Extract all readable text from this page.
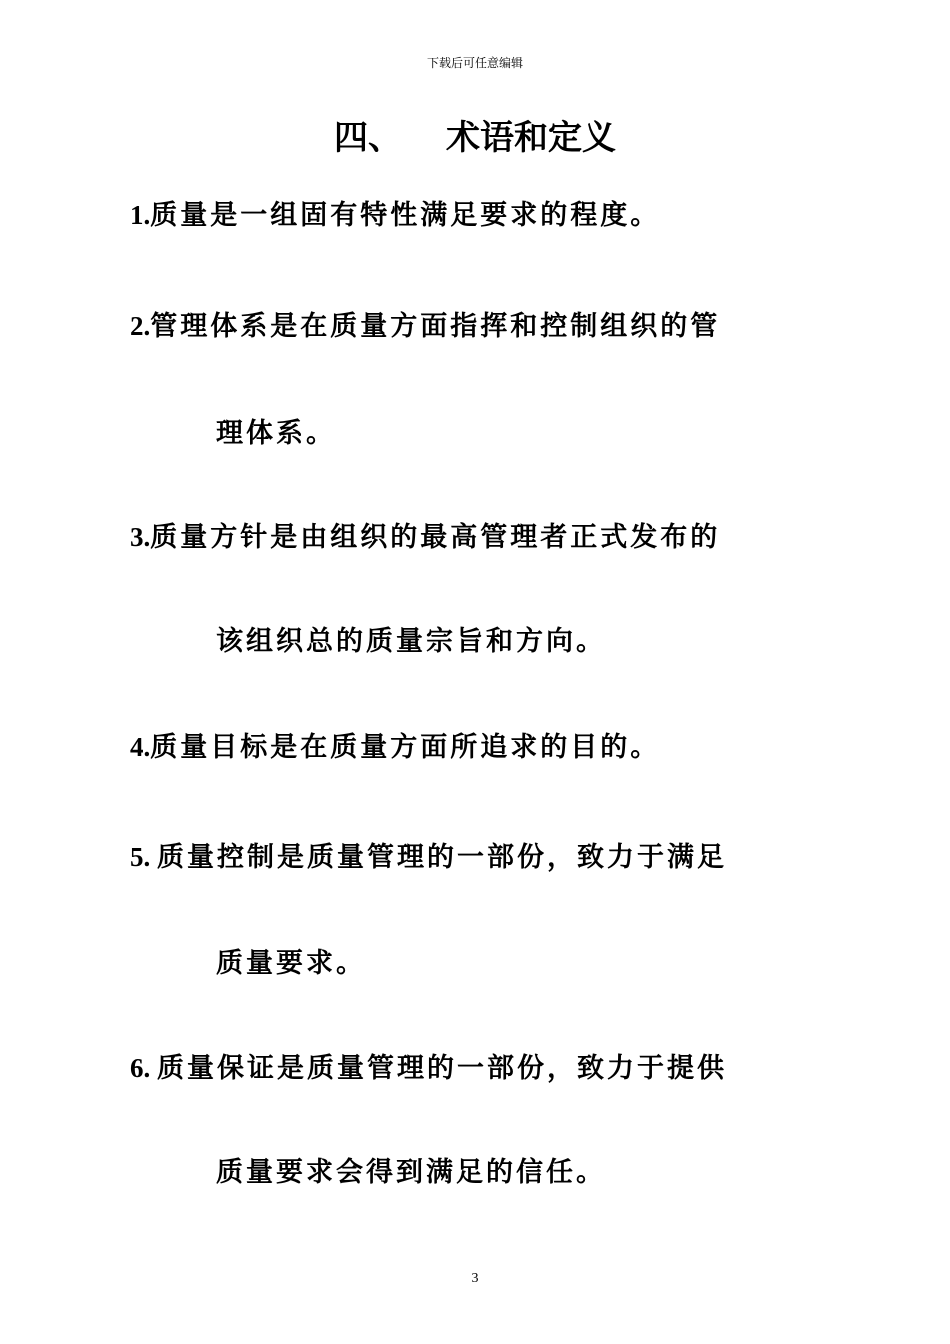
下载后可任意编辑
四、 术语和定义
1.质量是一组固有特性满足要求的程度。
2.管理体系是在质量方面指挥和控制组织的管
理体系。
3.质量方针是由组织的最高管理者正式发布的
该组织总的质量宗旨和方向。
4.质量目标是在质量方面所追求的目的。
5. 质量控制是质量管理的一部份，致力于满足
质量要求。
6. 质量保证是质量管理的一部份，致力于提供
质量要求会得到满足的信任。
3
